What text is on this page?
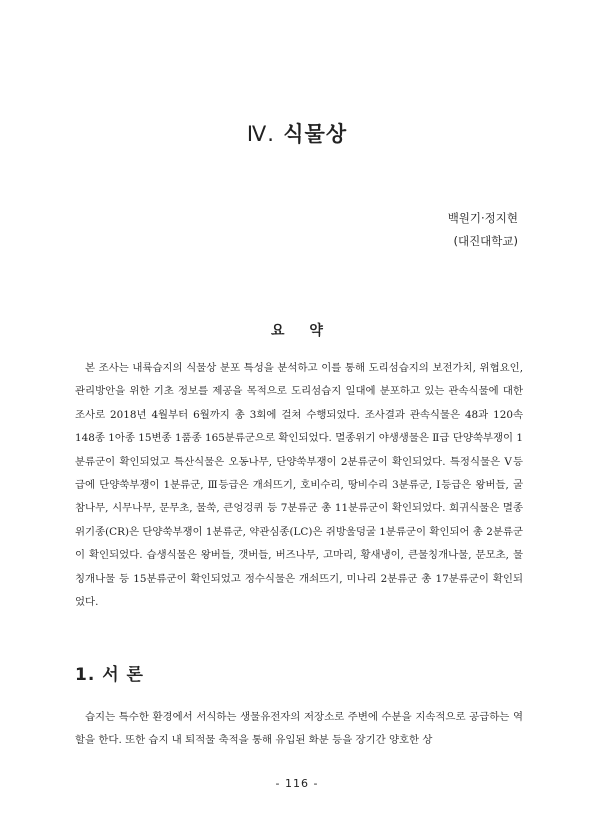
Ⅳ. 식물상
백원기·정지현
(대진대학교)
요 약

본 조사는 내륙습지의 식물상 분포 특성을 분석하고 이를 통해 도리섬습지의 보전가치, 위협요인, 관리방안을 위한 기초 정보를 제공을 목적으로 도리섬습지 일대에 분포하고 있는 관속식물에 대한 조사로 2018년 4월부터 6월까지 총 3회에 걸쳐 수행되었다. 조사결과 관속식물은 48과 120속 148종 1아종 15변종 1품종 165분류군으로 확인되었다. 멸종위기 야생생물은 Ⅱ급 단양쑥부쟁이 1분류군이 확인되었고 특산식물은 오동나무, 단양쑥부쟁이 2분류군이 확인되었다. 특정식물은 Ⅴ등급에 단양쑥부쟁이 1분류군, Ⅲ등급은 개쇠뜨기, 호비수리, 땅비수리 3분류군, Ⅰ등급은 왕버들, 굴참나무, 시무나무, 문무초, 물쑥, 큰엉겅퀴 등 7분류군 총 11분류군이 확인되었다. 희귀식물은 멸종위기종(CR)은 단양쑥부쟁이 1분류군, 약관심종(LC)은 쥐방울덩굴 1분류군이 확인되어 총 2분류군이 확인되었다. 습생식물은 왕버들, 갯버들, 버즈나무, 고마리, 황새냉이, 큰물칭개나물, 문모초, 물칭개나물 등 15분류군이 확인되었고 정수식물은 개쇠뜨기, 미나리 2분류군 총 17분류군이 확인되었다.

1. 서 론

습지는 특수한 환경에서 서식하는 생물유전자의 저장소로 주변에 수분을 지속적으로 공급하는 역할을 한다. 또한 습지 내 퇴적물 축적을 통해 유입된 화분 등을 장기간 양호한 상

- 116 -
